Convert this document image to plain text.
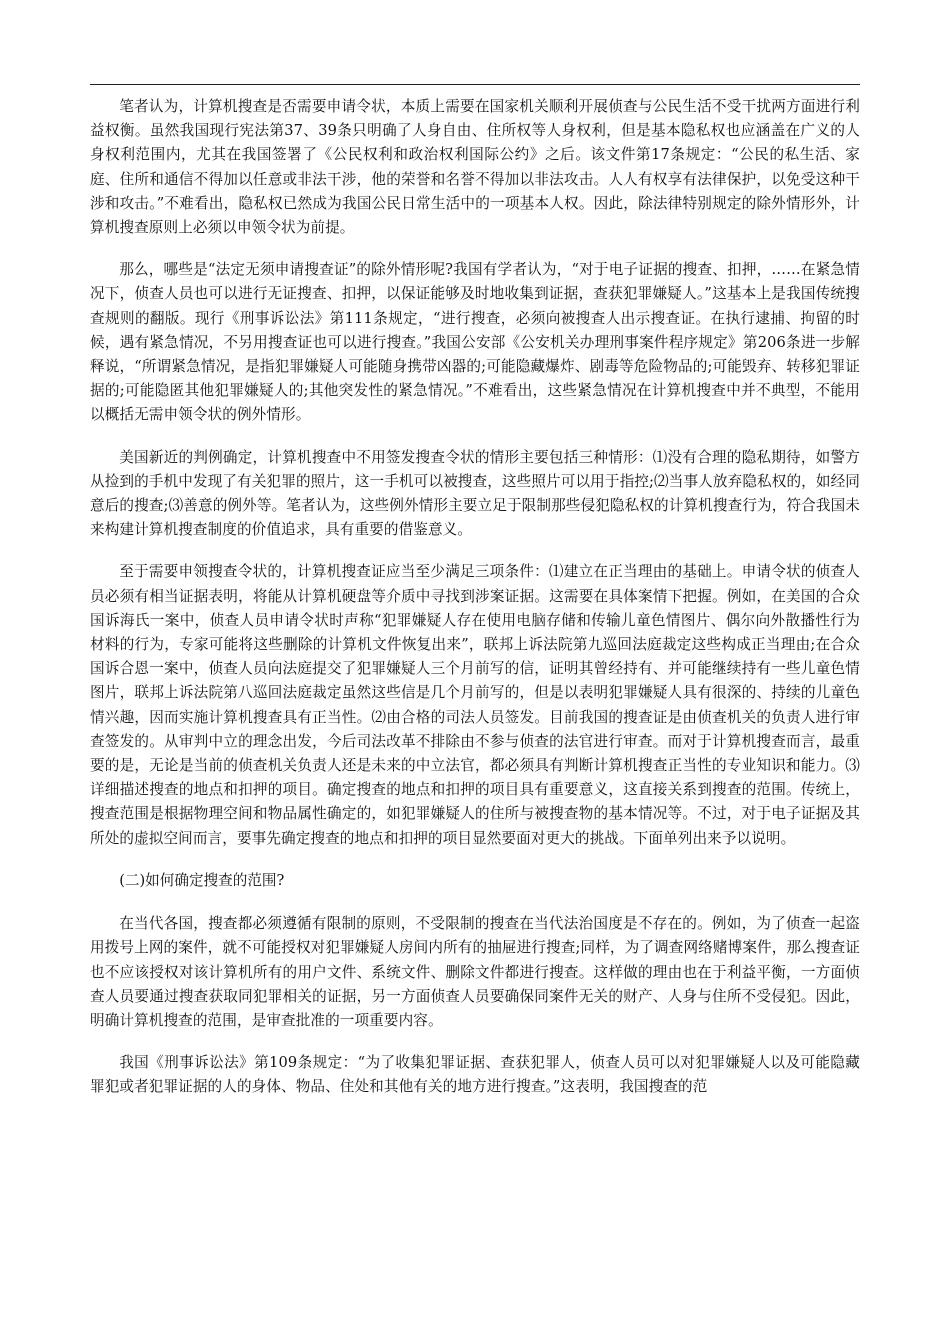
笔者认为，计算机搜查是否需要申请令状，本质上需要在国家机关顺利开展侦查与公民生活不受干扰两方面进行利益权衡。虽然我国现行宪法第37、39条只明确了人身自由、住所权等人身权利，但是基本隐私权也应涵盖在广义的人身权利范围内，尤其在我国签署了《公民权利和政治权利国际公约》之后。该文件第17条规定：“公民的私生活、家庭、住所和通信不得加以任意或非法干涉，他的荣誉和名誉不得加以非法攻击。人人有权享有法律保护，以免受这种干涉和攻击。”不难看出，隐私权已然成为我国公民日常生活中的一项基本人权。因此，除法律特别规定的除外情形外，计算机搜查原则上必须以申领令状为前提。

那么，哪些是“法定无须申请搜查证”的除外情形呢?我国有学者认为，“对于电子证据的搜查、扣押，……在紧急情况下，侦查人员也可以进行无证搜查、扣押，以保证能够及时地收集到证据，查获犯罪嫌疑人。”这基本上是我国传统搜查规则的翻版。现行《刑事诉讼法》第111条规定，“进行搜查，必须向被搜查人出示搜查证。在执行逮捕、拘留的时候，遇有紧急情况，不另用搜查证也可以进行搜查。”我国公安部《公安机关办理刑事案件程序规定》第206条进一步解释说，“所谓紧急情况，是指犯罪嫌疑人可能随身携带凶器的;可能隐藏爆炸、剧毒等危险物品的;可能毁弃、转移犯罪证据的;可能隐匿其他犯罪嫌疑人的;其他突发性的紧急情况。”不难看出，这些紧急情况在计算机搜查中并不典型，不能用以概括无需申领令状的例外情形。

美国新近的判例确定，计算机搜查中不用签发搜查令状的情形主要包括三种情形：⑴没有合理的隐私期待，如警方从捡到的手机中发现了有关犯罪的照片，这一手机可以被搜查，这些照片可以用于指控;⑵当事人放弃隐私权的，如经同意后的搜查;⑶善意的例外等。笔者认为，这些例外情形主要立足于限制那些侵犯隐私权的计算机搜查行为，符合我国未来构建计算机搜查制度的价值追求，具有重要的借鉴意义。

至于需要申领搜查令状的，计算机搜查证应当至少满足三项条件：⑴建立在正当理由的基础上。申请令状的侦查人员必须有相当证据表明，将能从计算机硬盘等介质中寻找到涉案证据。这需要在具体案情下把握。例如，在美国的合众国诉海氏一案中，侦查人员申请令状时声称“犯罪嫌疑人存在使用电脑存储和传输儿童色情图片、偶尔向外散播性行为材料的行为，专家可能将这些删除的计算机文件恢复出来”，联邦上诉法院第九巡回法庭裁定这些构成正当理由;在合众国诉合恩一案中，侦查人员向法庭提交了犯罪嫌疑人三个月前写的信，证明其曾经持有、并可能继续持有一些儿童色情图片，联邦上诉法院第八巡回法庭裁定虽然这些信是几个月前写的，但是以表明犯罪嫌疑人具有很深的、持续的儿童色情兴趣，因而实施计算机搜查具有正当性。⑵由合格的司法人员签发。目前我国的搜查证是由侦查机关的负责人进行审查签发的。从审判中立的理念出发，今后司法改革不排除由不参与侦查的法官进行审查。而对于计算机搜查而言，最重要的是，无论是当前的侦查机关负责人还是未来的中立法官，都必须具有判断计算机搜查正当性的专业知识和能力。⑶详细描述搜查的地点和扣押的项目。确定搜查的地点和扣押的项目具有重要意义，这直接关系到搜查的范围。传统上，搜查范围是根据物理空间和物品属性确定的，如犯罪嫌疑人的住所与被搜查物的基本情况等。不过，对于电子证据及其所处的虚拟空间而言，要事先确定搜查的地点和扣押的项目显然要面对更大的挑战。下面单列出来予以说明。

(二)如何确定搜查的范围?

在当代各国，搜查都必须遵循有限制的原则，不受限制的搜查在当代法治国度是不存在的。例如，为了侦查一起盗用拨号上网的案件，就不可能授权对犯罪嫌疑人房间内所有的抽屉进行搜查;同样，为了调查网络赌博案件，那么搜查证也不应该授权对该计算机所有的用户文件、系统文件、删除文件都进行搜查。这样做的理由也在于利益平衡，一方面侦查人员要通过搜查获取同犯罪相关的证据，另一方面侦查人员要确保同案件无关的财产、人身与住所不受侵犯。因此，明确计算机搜查的范围，是审查批准的一项重要内容。

我国《刑事诉讼法》第109条规定：“为了收集犯罪证据、查获犯罪人，侦查人员可以对犯罪嫌疑人以及可能隐藏罪犯或者犯罪证据的人的身体、物品、住处和其他有关的地方进行搜查。”这表明，我国搜查的范
